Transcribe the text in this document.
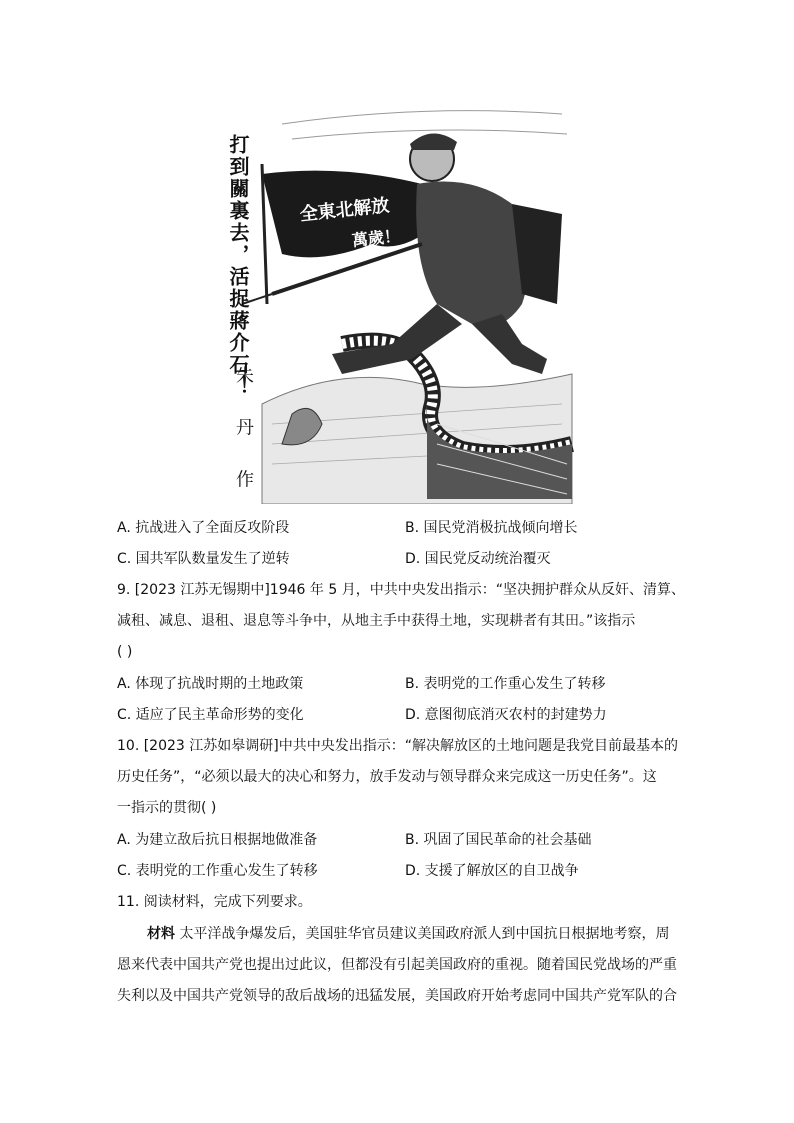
全東北解放
萬歲！
打到關裏去，活捉蔣介石！
朱 丹 作
A. 抗战进入了全面反攻阶段	B. 国民党消极抗战倾向增长
C. 国共军队数量发生了逆转	D. 国民党反动统治覆灭
9. [2023 江苏无锡期中]1946 年 5 月，中共中央发出指示：“坚决拥护群众从反奸、清算、
减租、减息、退租、退息等斗争中，从地主手中获得土地，实现耕者有其田。”该指示
( )
A. 体现了抗战时期的土地政策	B. 表明党的工作重心发生了转移
C. 适应了民主革命形势的变化	D. 意图彻底消灭农村的封建势力
10. [2023 江苏如皋调研]中共中央发出指示：“解决解放区的土地问题是我党目前最基本的
历史任务”，“必须以最大的决心和努力，放手发动与领导群众来完成这一历史任务”。这
一指示的贯彻( )
A. 为建立敌后抗日根据地做准备	B. 巩固了国民革命的社会基础
C. 表明党的工作重心发生了转移	D. 支援了解放区的自卫战争
11. 阅读材料，完成下列要求。
材料 太平洋战争爆发后，美国驻华官员建议美国政府派人到中国抗日根据地考察，周
恩来代表中国共产党也提出过此议，但都没有引起美国政府的重视。随着国民党战场的严重
失利以及中国共产党领导的敌后战场的迅猛发展，美国政府开始考虑同中国共产党军队的合
